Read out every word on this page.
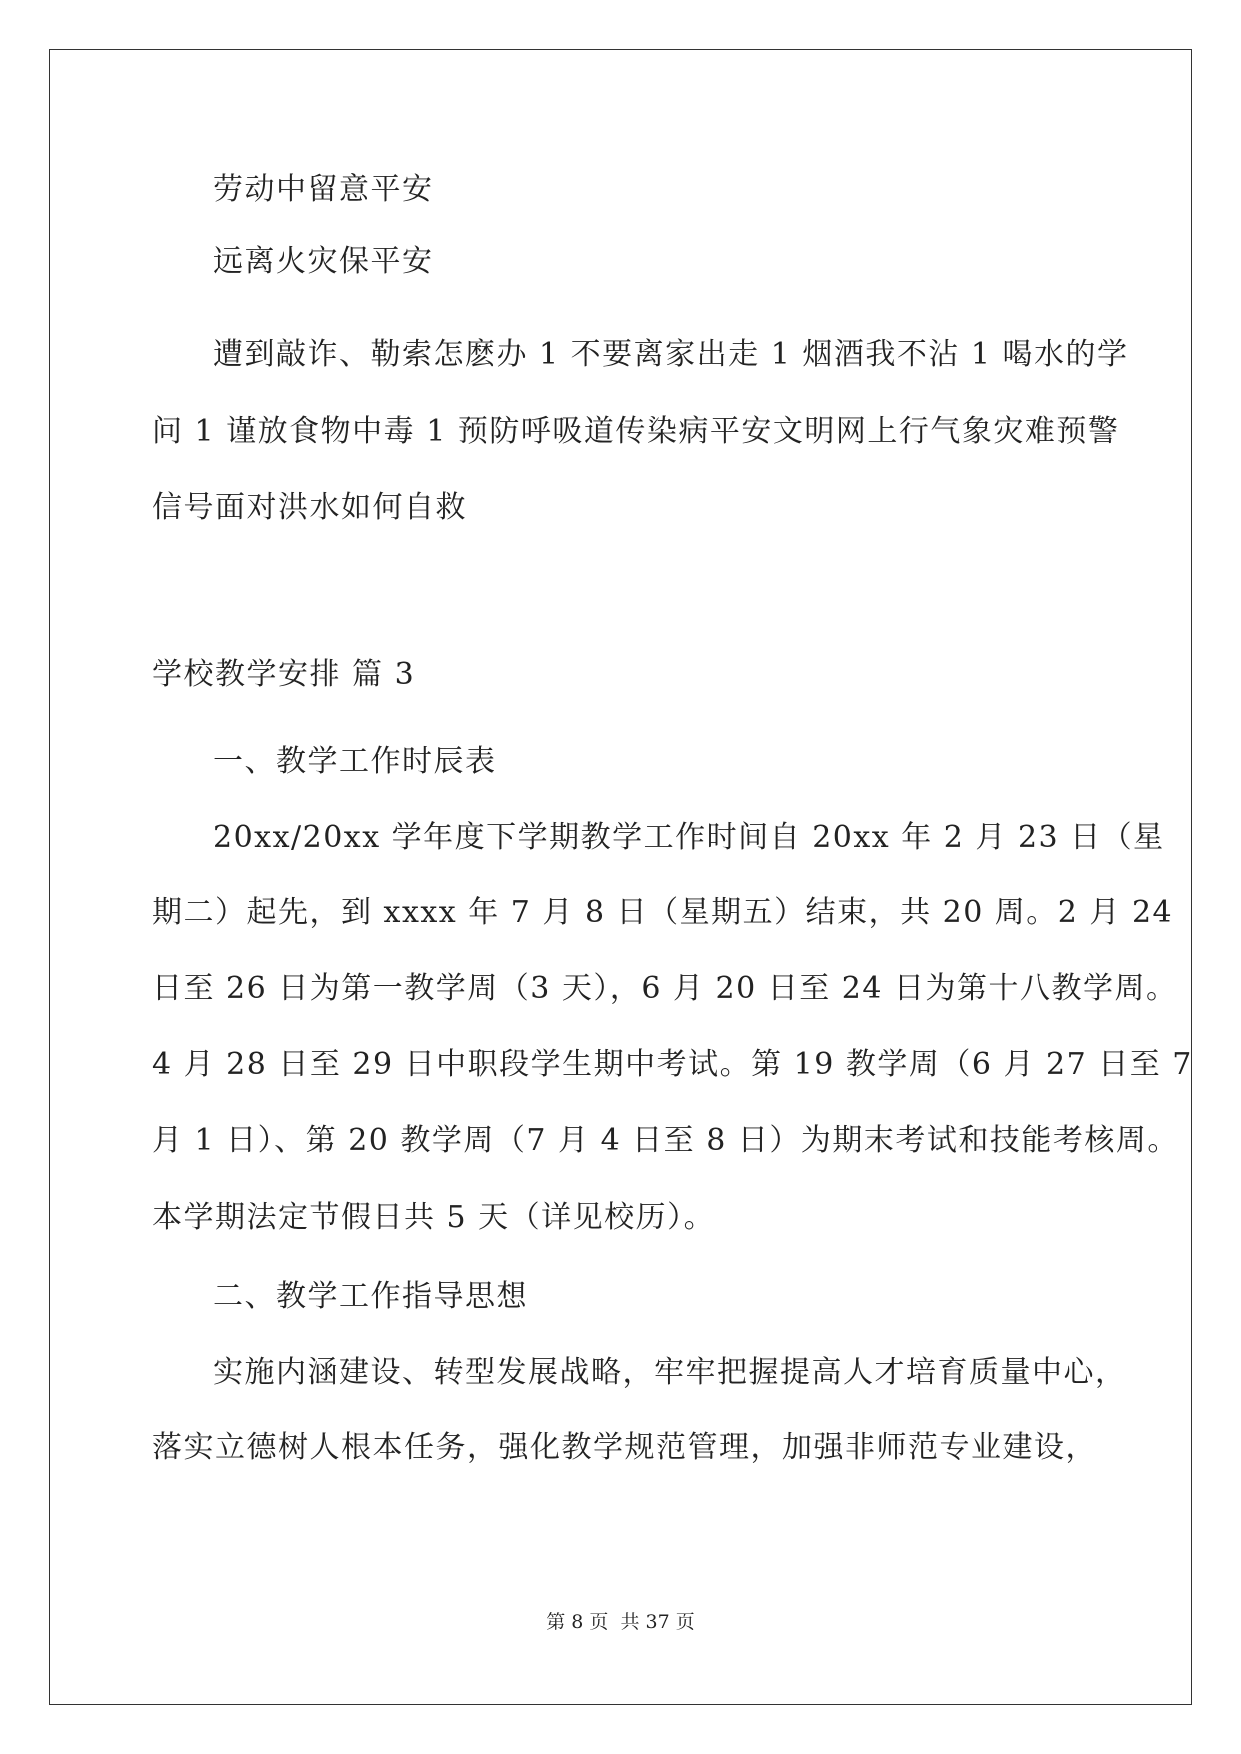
劳动中留意平安
远离火灾保平安
遭到敲诈、勒索怎麽办 1 不要离家出走 1 烟酒我不沾 1 喝水的学
问 1 谨放食物中毒 1 预防呼吸道传染病平安文明网上行气象灾难预警
信号面对洪水如何自救
学校教学安排 篇 3
一、教学工作时辰表
20xx/20xx 学年度下学期教学工作时间自 20xx 年 2 月 23 日（星
期二）起先，到 xxxx 年 7 月 8 日（星期五）结束，共 20 周。2 月 24
日至 26 日为第一教学周（3 天），6 月 20 日至 24 日为第十八教学周。
4 月 28 日至 29 日中职段学生期中考试。第 19 教学周（6 月 27 日至 7
月 1 日）、第 20 教学周（7 月 4 日至 8 日）为期末考试和技能考核周。
本学期法定节假日共 5 天（详见校历）。
二、教学工作指导思想
实施内涵建设、转型发展战略，牢牢把握提高人才培育质量中心，
落实立德树人根本任务，强化教学规范管理，加强非师范专业建设，
第 8 页 共 37 页
